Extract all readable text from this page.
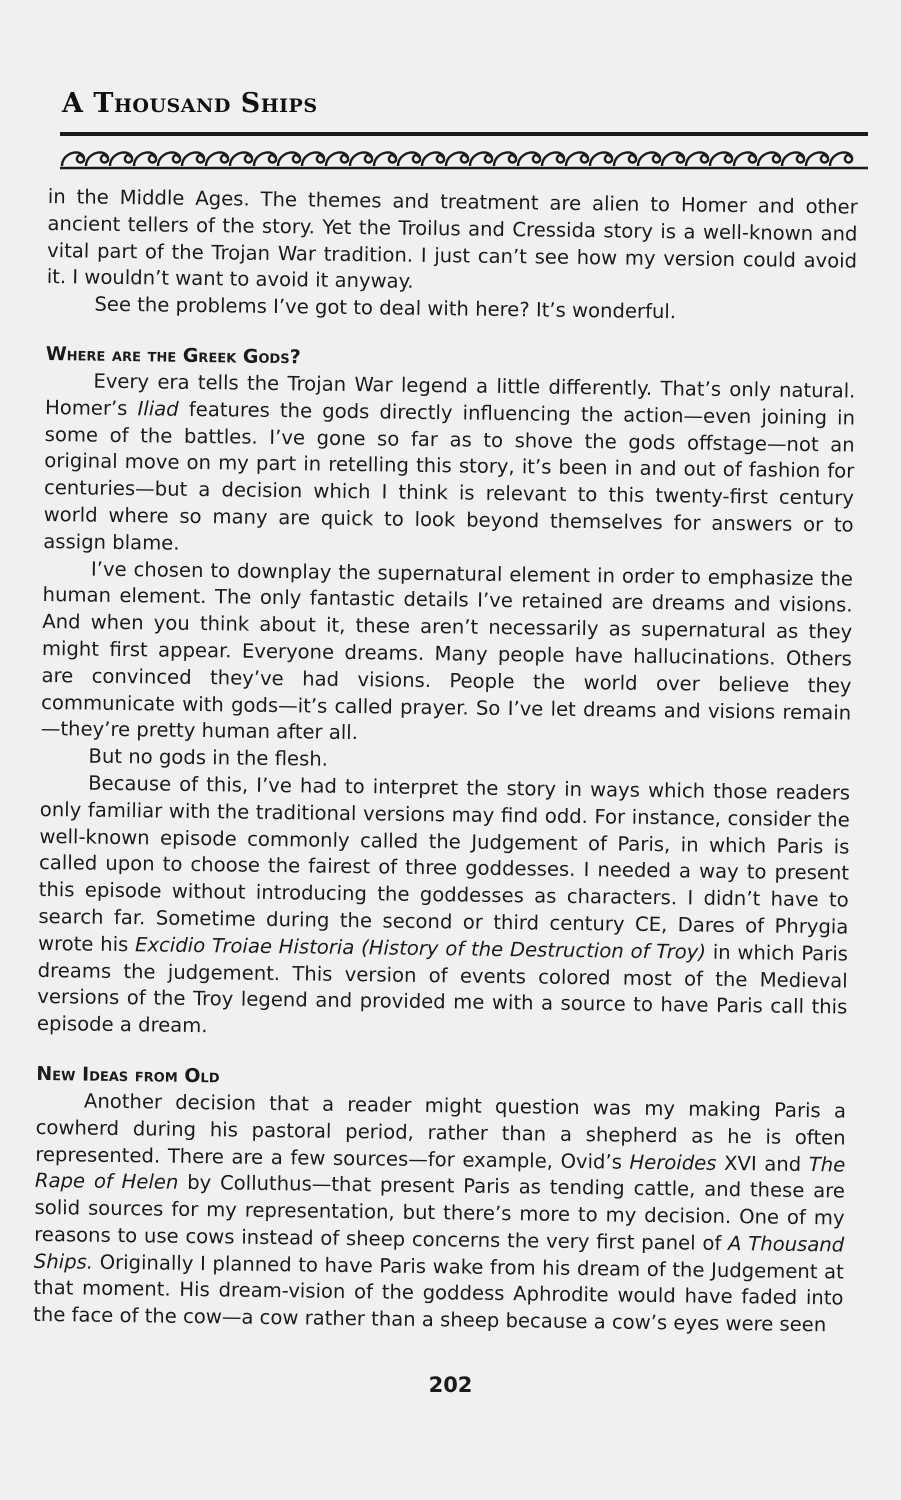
A Thousand Ships

in the Middle Ages. The themes and treatment are alien to Homer and other ancient tellers of the story. Yet the Troilus and Cressida story is a well-known and vital part of the Trojan War tradition. I just can’t see how my version could avoid it. I wouldn’t want to avoid it anyway.

See the problems I’ve got to deal with here? It’s wonderful.

Where are the Greek Gods?

Every era tells the Trojan War legend a little differently. That’s only natural. Homer’s Iliad features the gods directly influencing the action—even joining in some of the battles. I’ve gone so far as to shove the gods offstage—not an original move on my part in retelling this story, it’s been in and out of fashion for centuries—but a decision which I think is relevant to this twenty-first century world where so many are quick to look beyond themselves for answers or to assign blame.

I’ve chosen to downplay the supernatural element in order to emphasize the human element. The only fantastic details I’ve retained are dreams and visions. And when you think about it, these aren’t necessarily as supernatural as they might first appear. Everyone dreams. Many people have hallucinations. Others are convinced they’ve had visions. People the world over believe they communicate with gods—it’s called prayer. So I’ve let dreams and visions remain—they’re pretty human after all.

But no gods in the flesh.

Because of this, I’ve had to interpret the story in ways which those readers only familiar with the traditional versions may find odd. For instance, consider the well-known episode commonly called the Judgement of Paris, in which Paris is called upon to choose the fairest of three goddesses. I needed a way to present this episode without introducing the goddesses as characters. I didn’t have to search far. Sometime during the second or third century CE, Dares of Phrygia wrote his Excidio Troiae Historia (History of the Destruction of Troy) in which Paris dreams the judgement. This version of events colored most of the Medieval versions of the Troy legend and provided me with a source to have Paris call this episode a dream.

New Ideas from Old

Another decision that a reader might question was my making Paris a cowherd during his pastoral period, rather than a shepherd as he is often represented. There are a few sources—for example, Ovid’s Heroides XVI and The Rape of Helen by Colluthus—that present Paris as tending cattle, and these are solid sources for my representation, but there’s more to my decision. One of my reasons to use cows instead of sheep concerns the very first panel of A Thousand Ships. Originally I planned to have Paris wake from his dream of the Judgement at that moment. His dream-vision of the goddess Aphrodite would have faded into the face of the cow—a cow rather than a sheep because a cow’s eyes were seen

202
